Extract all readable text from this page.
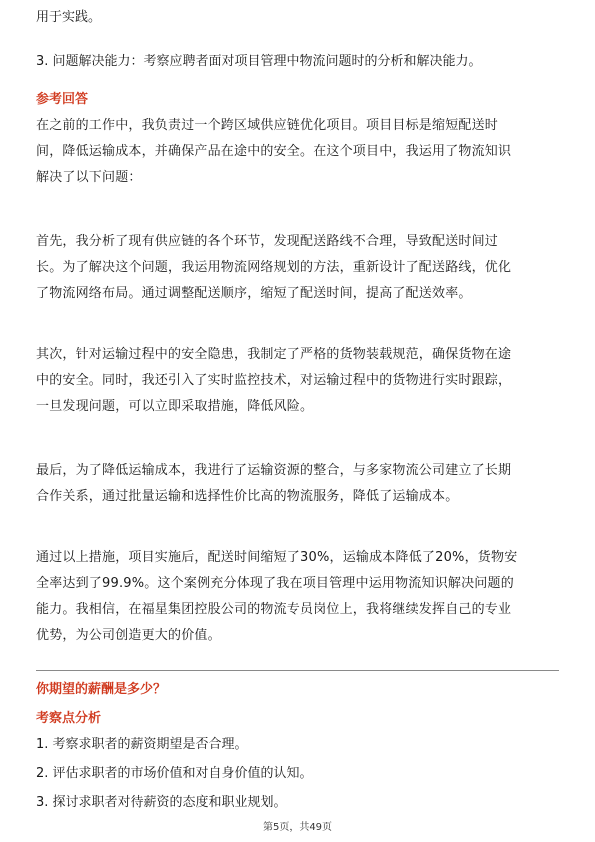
用于实践。
3. 问题解决能力：考察应聘者面对项目管理中物流问题时的分析和解决能力。
参考回答

在之前的工作中，我负责过一个跨区域供应链优化项目。项目目标是缩短配送时

间，降低运输成本，并确保产品在途中的安全。在这个项目中，我运用了物流知识

解决了以下问题：

首先，我分析了现有供应链的各个环节，发现配送路线不合理，导致配送时间过

长。为了解决这个问题，我运用物流网络规划的方法，重新设计了配送路线，优化

了物流网络布局。通过调整配送顺序，缩短了配送时间，提高了配送效率。

其次，针对运输过程中的安全隐患，我制定了严格的货物装载规范，确保货物在途

中的安全。同时，我还引入了实时监控技术，对运输过程中的货物进行实时跟踪，

一旦发现问题，可以立即采取措施，降低风险。

最后，为了降低运输成本，我进行了运输资源的整合，与多家物流公司建立了长期

合作关系，通过批量运输和选择性价比高的物流服务，降低了运输成本。

通过以上措施，项目实施后，配送时间缩短了30%，运输成本降低了20%，货物安

全率达到了99.9%。这个案例充分体现了我在项目管理中运用物流知识解决问题的

能力。我相信，在福星集团控股公司的物流专员岗位上，我将继续发挥自己的专业

优势，为公司创造更大的价值。

你期望的薪酬是多少？
考察点分析
1. 考察求职者的薪资期望是否合理。
2. 评估求职者的市场价值和对自身价值的认知。
3. 探讨求职者对待薪资的态度和职业规划。
第5页，共49页
